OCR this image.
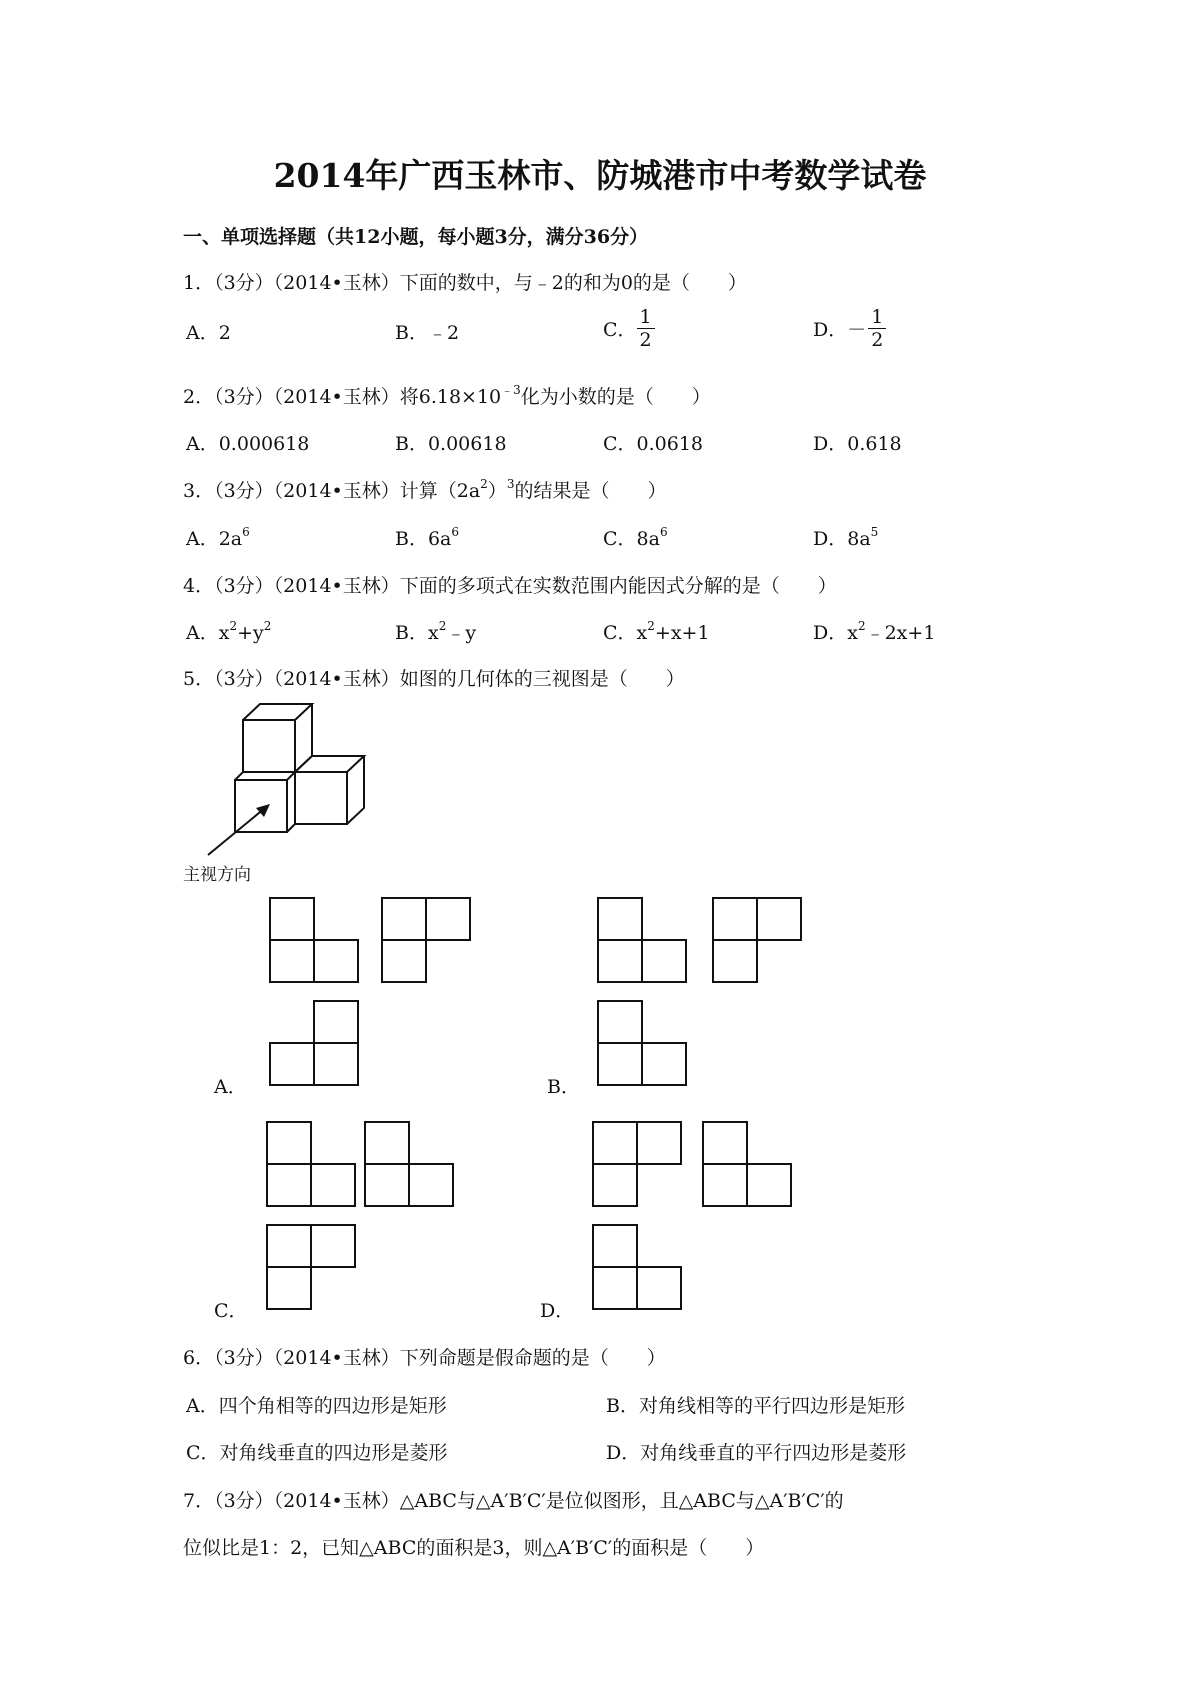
2014年广西玉林市、防城港市中考数学试卷
一、单项选择题（共12小题，每小题3分，满分36分）
1．（3分）（2014•玉林）下面的数中，与﹣2的和为0的是（　　）
A．2	B．﹣2	C． $\frac{1}{2}$	D．－ $\frac{1}{2}$
2．（3分）（2014•玉林）将$6.18\times 10^{﹣3}$化为小数的是（　　）
A．0.000618	B．0.00618	C．0.0618	D．0.618
3．（3分）（2014•玉林）计算$(2a^2)^3$的结果是（　　）
A．$2a^6$	B．$6a^6$	C．$8a^6$	D．$8a^5$
4．（3分）（2014•玉林）下面的多项式在实数范围内能因式分解的是（　　）
A．$x^2+y^2$	B．$x^2﹣y$	C．$x^2+x+1$	D．$x^2﹣2x+1$
5．（3分）（2014•玉林）如图的几何体的三视图是（　　）
主视方向
A．	B．
C．	D．
6．（3分）（2014•玉林）下列命题是假命题的是（　　）
A．四个角相等的四边形是矩形	B．对角线相等的平行四边形是矩形
C．对角线垂直的四边形是菱形	D．对角线垂直的平行四边形是菱形
7．（3分）（2014•玉林）△ABC与△A′B′C′是位似图形，且△ABC与△A′B′C′的
位似比是1：2，已知△ABC的面积是3，则△A′B′C′的面积是（　　）
